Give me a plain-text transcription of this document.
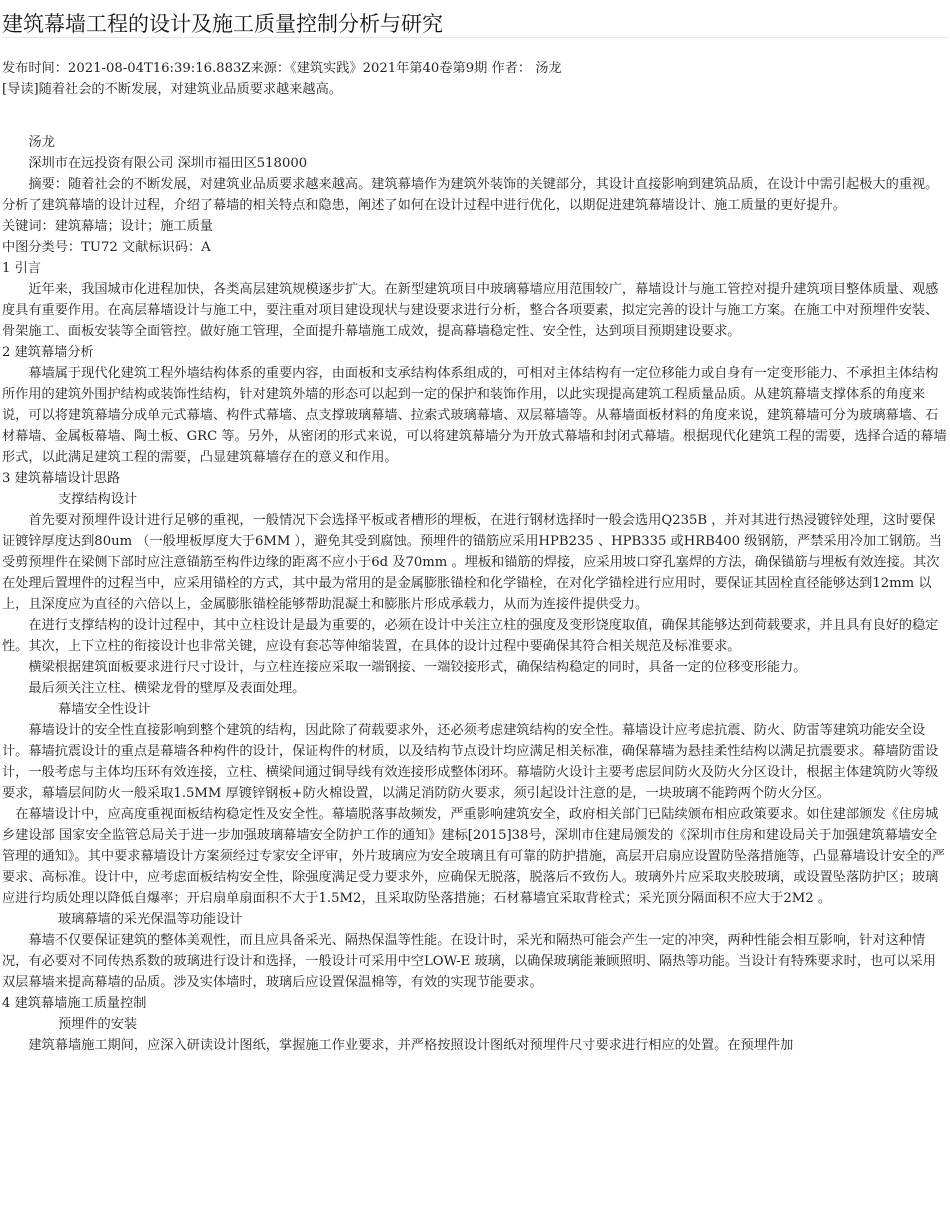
建筑幕墙工程的设计及施工质量控制分析与研究

发布时间：2021-08-04T16:39:16.883Z来源：《建筑实践》2021年第40卷第9期 作者： 汤龙

[导读]随着社会的不断发展，对建筑业品质要求越来越高。

汤龙

深圳市在远投资有限公司 深圳市福田区518000

摘要：随着社会的不断发展，对建筑业品质要求越来越高。建筑幕墙作为建筑外装饰的关键部分，其设计直接影响到建筑品质，在设计中需引起极大的重视。分析了建筑幕墙的设计过程，介绍了幕墙的相关特点和隐患，阐述了如何在设计过程中进行优化，以期促进建筑幕墙设计、施工质量的更好提升。

关键词：建筑幕墙；设计；施工质量

中图分类号：TU72 文献标识码：A

1 引言

近年来，我国城市化进程加快，各类高层建筑规模逐步扩大。在新型建筑项目中玻璃幕墙应用范围较广，幕墙设计与施工管控对提升建筑项目整体质量、观感度具有重要作用。在高层幕墙设计与施工中，要注重对项目建设现状与建设要求进行分析，整合各项要素，拟定完善的设计与施工方案。在施工中对预埋件安装、骨架施工、面板安装等全面管控。做好施工管理，全面提升幕墙施工成效，提高幕墙稳定性、安全性，达到项目预期建设要求。

2 建筑幕墙分析

幕墙属于现代化建筑工程外墙结构体系的重要内容，由面板和支承结构体系组成的，可相对主体结构有一定位移能力或自身有一定变形能力、不承担主体结构所作用的建筑外围护结构或装饰性结构，针对建筑外墙的形态可以起到一定的保护和装饰作用，以此实现提高建筑工程质量品质。从建筑幕墙支撑体系的角度来说，可以将建筑幕墙分成单元式幕墙、构件式幕墙、点支撑玻璃幕墙、拉索式玻璃幕墙、双层幕墙等。从幕墙面板材料的角度来说，建筑幕墙可分为玻璃幕墙、石材幕墙、金属板幕墙、陶土板、GRC 等。另外，从密闭的形式来说，可以将建筑幕墙分为开放式幕墙和封闭式幕墙。根据现代化建筑工程的需要，选择合适的幕墙形式，以此满足建筑工程的需要，凸显建筑幕墙存在的意义和作用。

3 建筑幕墙设计思路

支撑结构设计

首先要对预埋件设计进行足够的重视，一般情况下会选择平板或者槽形的埋板，在进行钢材选择时一般会选用Q235B ，并对其进行热浸镀锌处理，这时要保证镀锌厚度达到80um （一般埋板厚度大于6MM ），避免其受到腐蚀。预埋件的锚筋应采用HPB235 、HPB335 或HRB400 级钢筋，严禁采用冷加工钢筋。当受剪预埋件在梁侧下部时应注意锚筋至构件边缘的距离不应小于6d 及70mm 。埋板和锚筋的焊接，应采用坡口穿孔塞焊的方法，确保锚筋与埋板有效连接。其次在处理后置埋件的过程当中，应采用锚栓的方式，其中最为常用的是金属膨胀锚栓和化学锚栓，在对化学锚栓进行应用时，要保证其固栓直径能够达到12mm 以上，且深度应为直径的六倍以上，金属膨胀锚栓能够帮助混凝土和膨胀片形成承载力，从而为连接件提供受力。

在进行支撑结构的设计过程中，其中立柱设计是最为重要的，必须在设计中关注立柱的强度及变形饶度取值，确保其能够达到荷载要求，并且具有良好的稳定性。其次，上下立柱的衔接设计也非常关键，应设有套芯等伸缩装置，在具体的设计过程中要确保其符合相关规范及标准要求。

横梁根据建筑面板要求进行尺寸设计，与立柱连接应采取一端钢接、一端铰接形式，确保结构稳定的同时，具备一定的位移变形能力。

最后须关注立柱、横梁龙骨的壁厚及表面处理。

幕墙安全性设计

幕墙设计的安全性直接影响到整个建筑的结构，因此除了荷载要求外，还必须考虑建筑结构的安全性。幕墙设计应考虑抗震、防火、防雷等建筑功能安全设计。幕墙抗震设计的重点是幕墙各种构件的设计，保证构件的材质，以及结构节点设计均应满足相关标准，确保幕墙为悬挂柔性结构以满足抗震要求。幕墙防雷设计，一般考虑与主体均压环有效连接，立柱、横梁间通过铜导线有效连接形成整体闭环。幕墙防火设计主要考虑层间防火及防火分区设计，根据主体建筑防火等级要求，幕墙层间防火一般采取1.5MM 厚镀锌钢板+防火棉设置，以满足消防防火要求，须引起设计注意的是，一块玻璃不能跨两个防火分区。

在幕墙设计中，应高度重视面板结构稳定性及安全性。幕墙脱落事故频发，严重影响建筑安全，政府相关部门已陆续颁布相应政策要求。如住建部颁发《住房城乡建设部 国家安全监管总局关于进一步加强玻璃幕墙安全防护工作的通知》建标[2015]38号，深圳市住建局颁发的《深圳市住房和建设局关于加强建筑幕墙安全管理的通知》。其中要求幕墙设计方案须经过专家安全评审，外片玻璃应为安全玻璃且有可靠的防护措施，高层开启扇应设置防坠落措施等，凸显幕墙设计安全的严要求、高标准。设计中，应考虑面板结构安全性，除强度满足受力要求外，应确保无脱落，脱落后不致伤人。玻璃外片应采取夹胶玻璃，或设置坠落防护区；玻璃应进行均质处理以降低自爆率；开启扇单扇面积不大于1.5M2，且采取防坠落措施；石材幕墙宜采取背栓式；采光顶分隔面积不应大于2M2 。

玻璃幕墙的采光保温等功能设计

幕墙不仅要保证建筑的整体美观性，而且应具备采光、隔热保温等性能。在设计时，采光和隔热可能会产生一定的冲突，两种性能会相互影响，针对这种情况，有必要对不同传热系数的玻璃进行设计和选择，一般设计可采用中空LOW-E 玻璃，以确保玻璃能兼顾照明、隔热等功能。当设计有特殊要求时，也可以采用双层幕墙来提高幕墙的品质。涉及实体墙时，玻璃后应设置保温棉等，有效的实现节能要求。

4 建筑幕墙施工质量控制

预埋件的安装

建筑幕墙施工期间，应深入研读设计图纸，掌握施工作业要求，并严格按照设计图纸对预埋件尺寸要求进行相应的处置。在预埋件加
